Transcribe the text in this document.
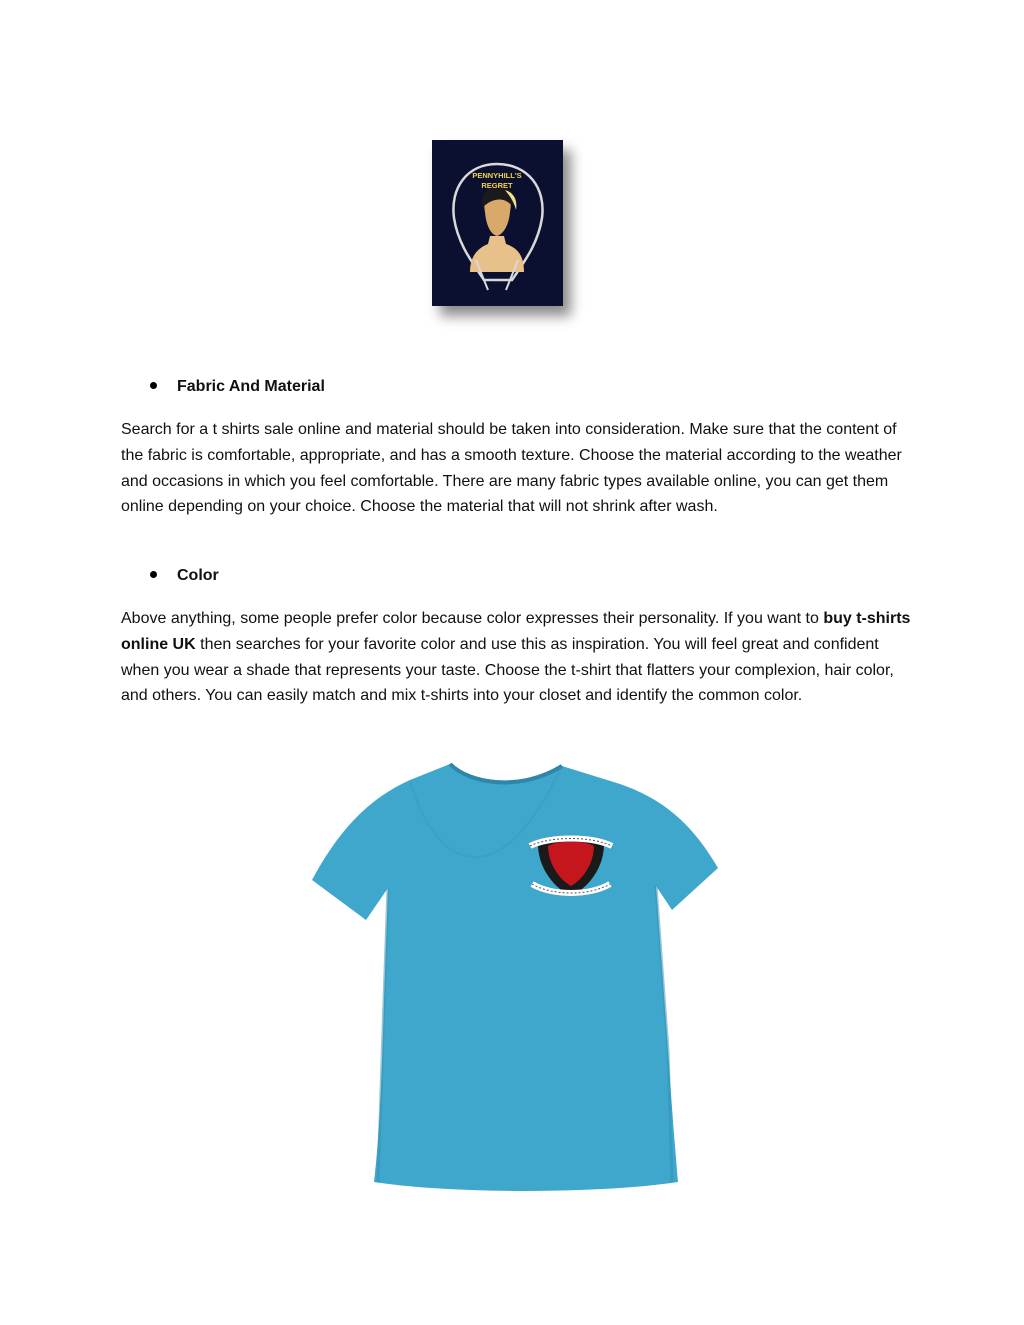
PENNYHILL'S
REGRET
Fabric And Material

Search for a t shirts sale online and material should be taken into consideration. Make sure that the content of the fabric is comfortable, appropriate, and has a smooth texture. Choose the material according to the weather and occasions in which you feel comfortable. There are many fabric types available online, you can get them online depending on your choice. Choose the material that will not shrink after wash.

Color

Above anything, some people prefer color because color expresses their personality. If you want to buy t-shirts online UK then searches for your favorite color and use this as inspiration. You will feel great and confident when you wear a shade that represents your taste. Choose the t-shirt that flatters your complexion, hair color, and others. You can easily match and mix t-shirts into your closet and identify the common color.
